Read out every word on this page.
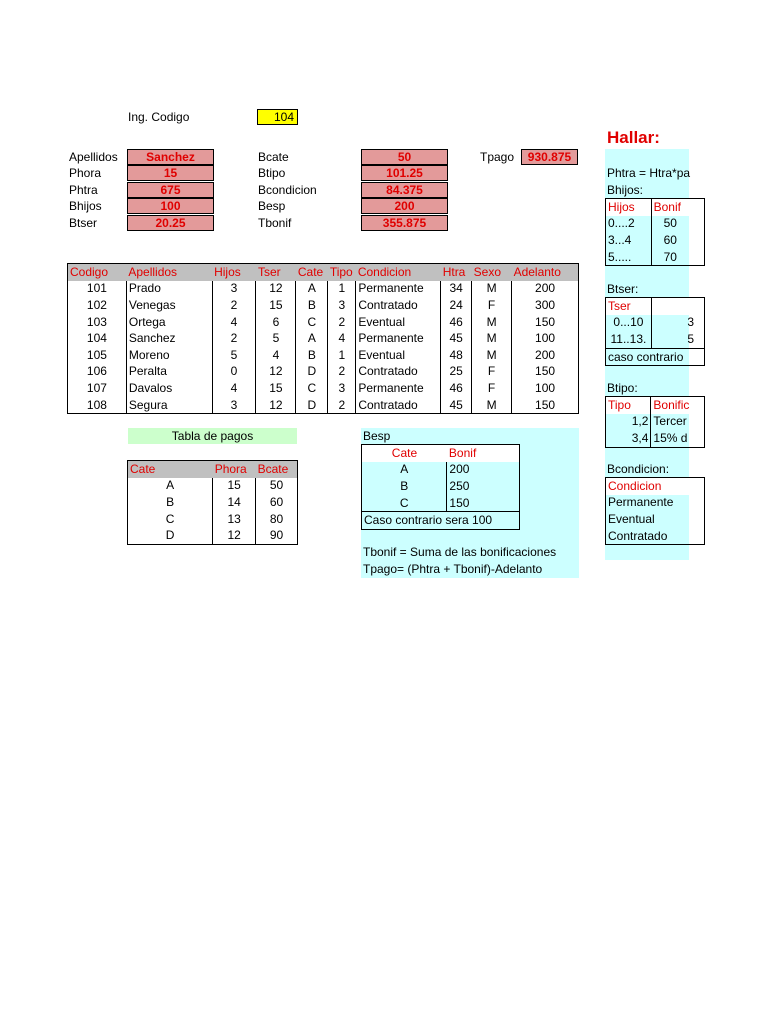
Ing. Codigo	104
Apellidos	Sanchez
Phora	15
Phtra	675
Bhijos	100
Btser	20.25
Bcate	50
Btipo	101.25
Bcondicion	84.375
Besp	200
Tbonif	355.875
Tpago	930.875
Codigo	Apellidos	Hijos	Tser	Cate	Tipo	Condicion	Htra	Sexo	Adelanto
101	Prado	3	12	A	1	Permanente	34	M	200
102	Venegas	2	15	B	3	Contratado	24	F	300
103	Ortega	4	6	C	2	Eventual	46	M	150
104	Sanchez	2	5	A	4	Permanente	45	M	100
105	Moreno	5	4	B	1	Eventual	48	M	200
106	Peralta	0	12	D	2	Contratado	25	F	150
107	Davalos	4	15	C	3	Permanente	46	F	100
108	Segura	3	12	D	2	Contratado	45	M	150
Tabla de pagos
Cate	Phora	Bcate
A	15	50
B	14	60
C	13	80
D	12	90
Besp
Cate	Bonif
A	200
B	250
C	150
Caso contrario sera 100	
Tbonif = Suma de las bonificaciones
Tpago= (Phtra + Tbonif)-Adelanto
Hallar:
Phtra = Htra*pa
Bhijos:
Hijos	Bonif
0....2	50
3...4	60
5.....	70
Btser:
Tser	
0...10	3
11..13.	5
caso contrario	
Btipo:
Tipo	Bonific
1,2	Tercer
3,4	15% d
Bcondicion:
Condicion
Permanente
Eventual
Contratado
